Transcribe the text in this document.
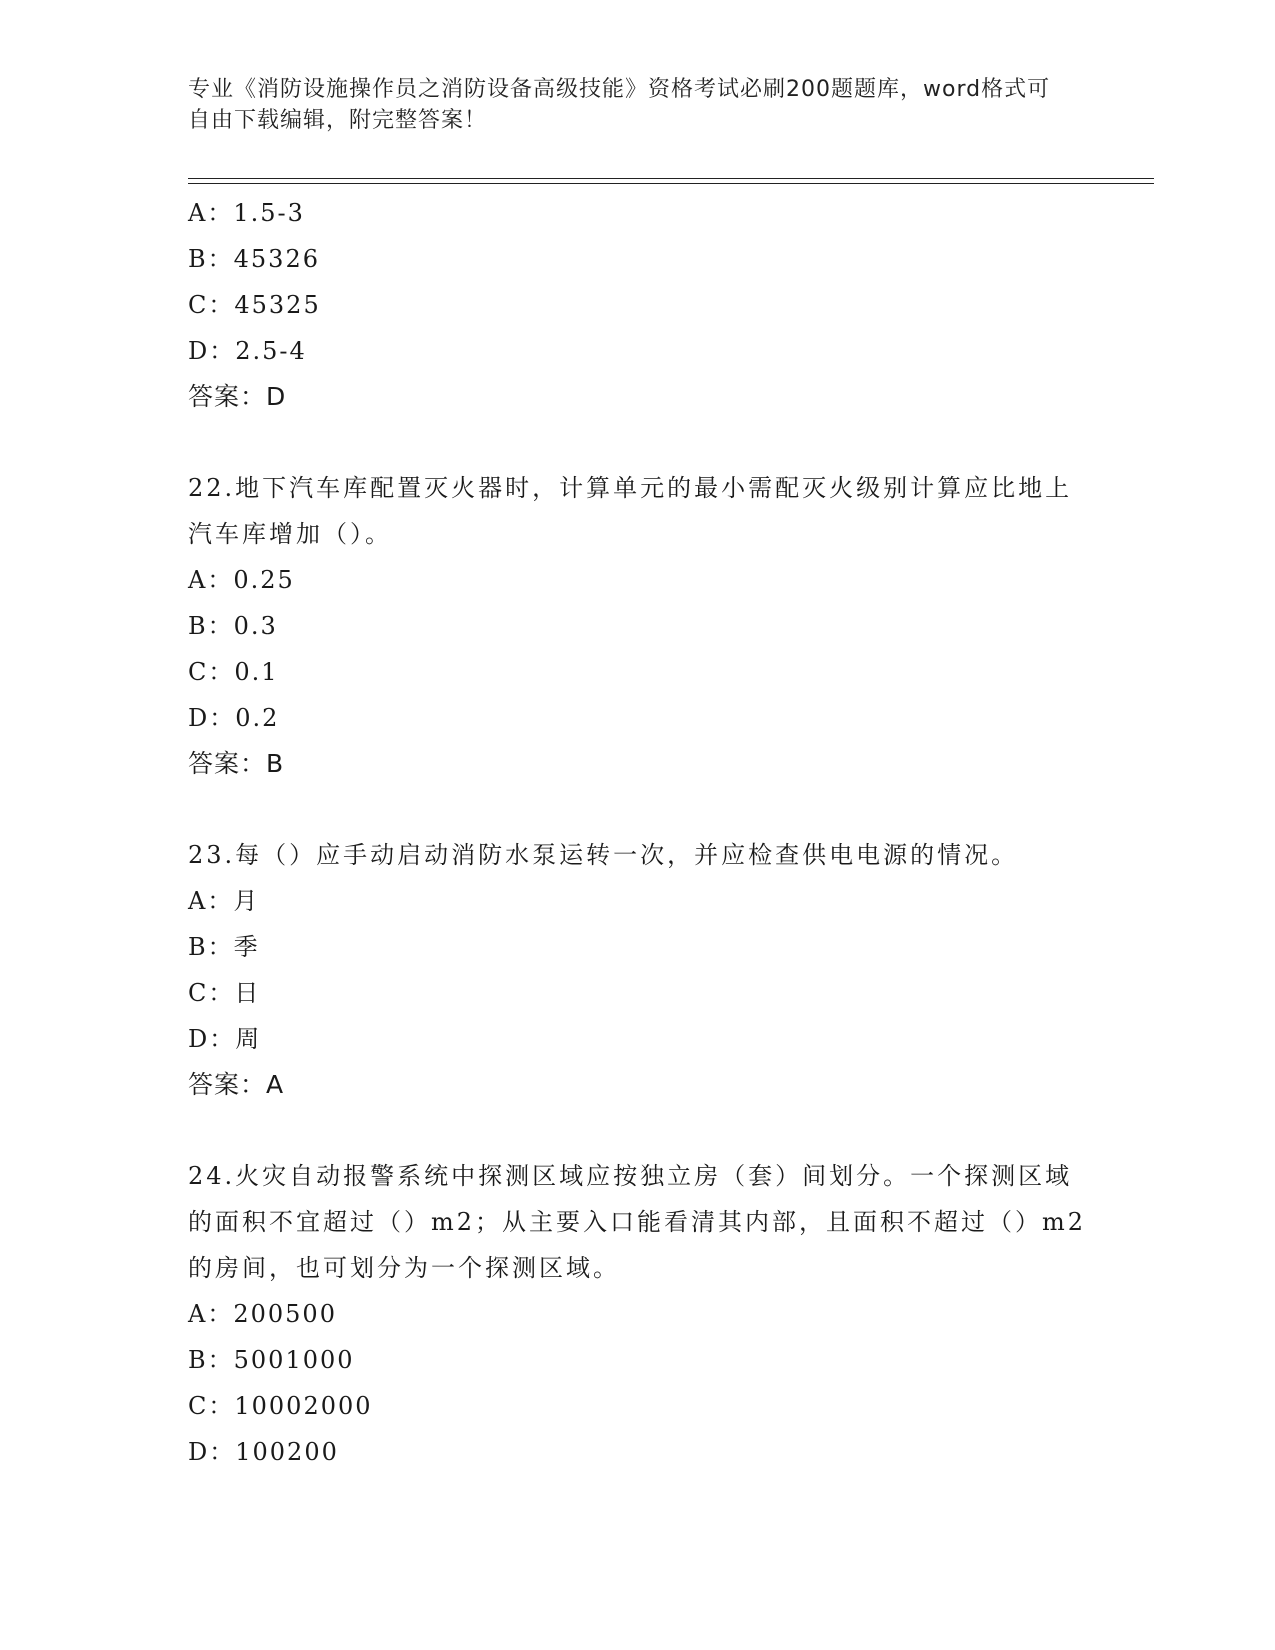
专业《消防设施操作员之消防设备高级技能》资格考试必刷200题题库，word格式可自由下载编辑，附完整答案！
A：1.5-3
B：45326
C：45325
D：2.5-4
答案：D
22.地下汽车库配置灭火器时，计算单元的最小需配灭火级别计算应比地上汽车库增加（）。
A：0.25
B：0.3
C：0.1
D：0.2
答案：B
23.每（）应手动启动消防水泵运转一次，并应检查供电电源的情况。
A：月
B：季
C：日
D：周
答案：A
24.火灾自动报警系统中探测区域应按独立房（套）间划分。一个探测区域的面积不宜超过（）m2；从主要入口能看清其内部，且面积不超过（）m2的房间，也可划分为一个探测区域。
A：200500
B：5001000
C：10002000
D：100200
